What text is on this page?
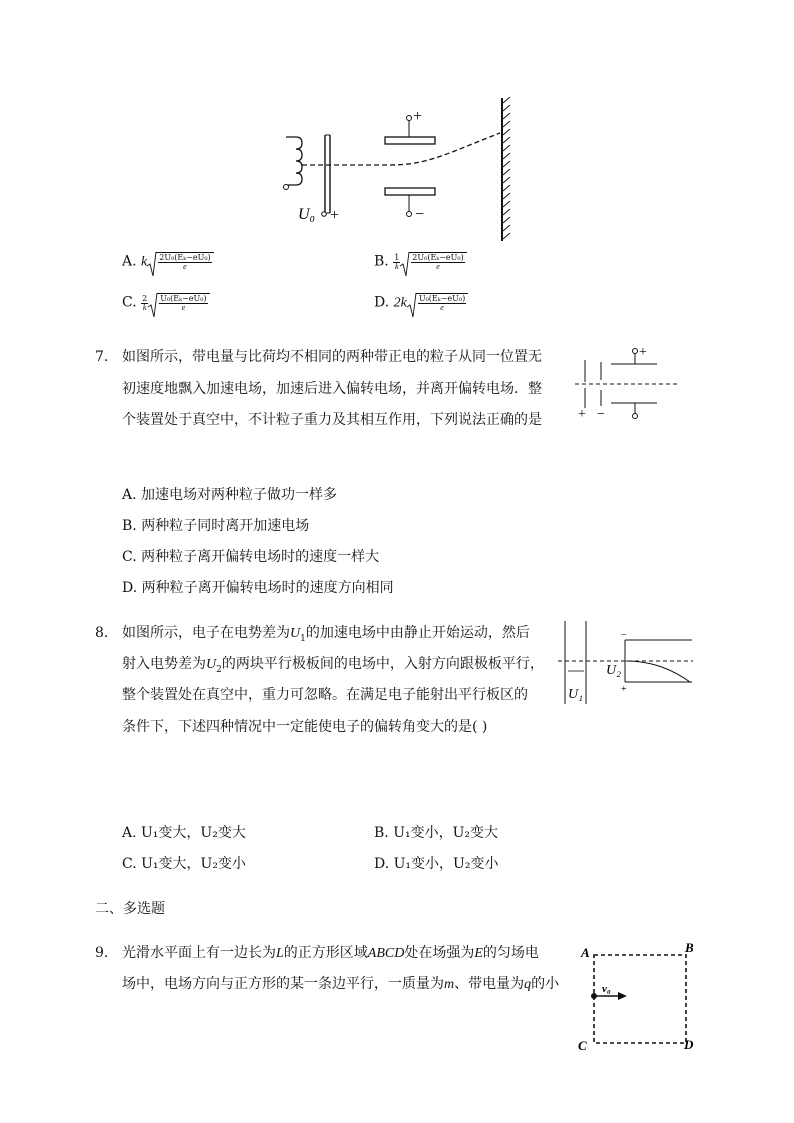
U₀ +
+
−
A. k $\frac{\text{2U₀(Eₖ−eU₀)}}{e}$	B. $\frac{1}{k} \frac{\text{2U₀(Eₖ−eU₀)}}{e}$
C. $\frac{2}{k} \frac{\text{U₀(Eₖ−eU₀)}}{e}$	D. $2k \frac{\text{U₀(Eₖ−eU₀)}}{e}$
7. 如图所示，带电量与比荷均不相同的两种带正电的粒子从同一位置无
初速度地飘入加速电场，加速后进入偏转电场，并离开偏转电场．整
个装置处于真空中，不计粒子重力及其相互作用，下列说法正确的是
+
+ −
A. 加速电场对两种粒子做功一样多
B. 两种粒子同时离开加速电场
C. 两种粒子离开偏转电场时的速度一样大
D. 两种粒子离开偏转电场时的速度方向相同
8. 如图所示，电子在电势差为$U_1$的加速电场中由静止开始运动，然后
射入电势差为$U_2$的两块平行极板间的电场中，入射方向跟极板平行，
整个装置处在真空中，重力可忽略。在满足电子能射出平行板区的
条件下，下述四种情况中一定能使电子的偏转角变大的是( )
U₁
U₂
−
+
A. U₁变大，U₂变大	B. U₁变小，U₂变大
C. U₁变大，U₂变小	D. U₁变小，U₂变小
二、多选题
9. 光滑水平面上有一边长为L的正方形区域ABCD处在场强为E的匀场电
场中，电场方向与正方形的某一条边平行，一质量为m、带电量为q的小	v₀
A	B
C	D
